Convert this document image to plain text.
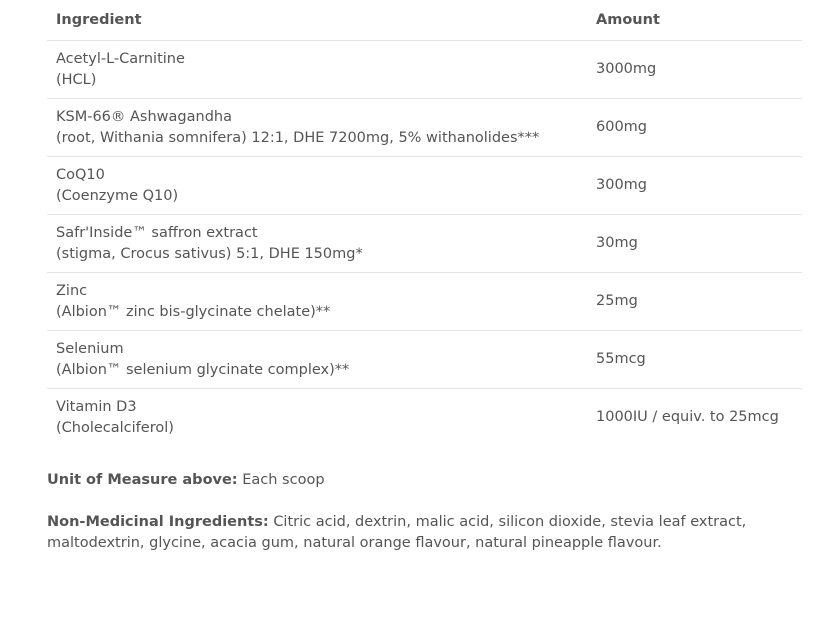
Ingredient	Amount

Acetyl-L-Carnitine
(HCL)	3000mg

KSM-66® Ashwagandha
(root, Withania somnifera) 12:1, DHE 7200mg, 5% withanolides***	600mg

CoQ10
(Coenzyme Q10)	300mg

Safr'Inside™ saffron extract
(stigma, Crocus sativus) 5:1, DHE 150mg*	30mg

Zinc
(Albion™ zinc bis-glycinate chelate)**	25mg

Selenium
(Albion™ selenium glycinate complex)**	55mcg

Vitamin D3
(Cholecalciferol)	1000IU / equiv. to 25mcg

Unit of Measure above: Each scoop

Non-Medicinal Ingredients: Citric acid, dextrin, malic acid, silicon dioxide, stevia leaf extract, maltodextrin, glycine, acacia gum, natural orange flavour, natural pineapple flavour.
